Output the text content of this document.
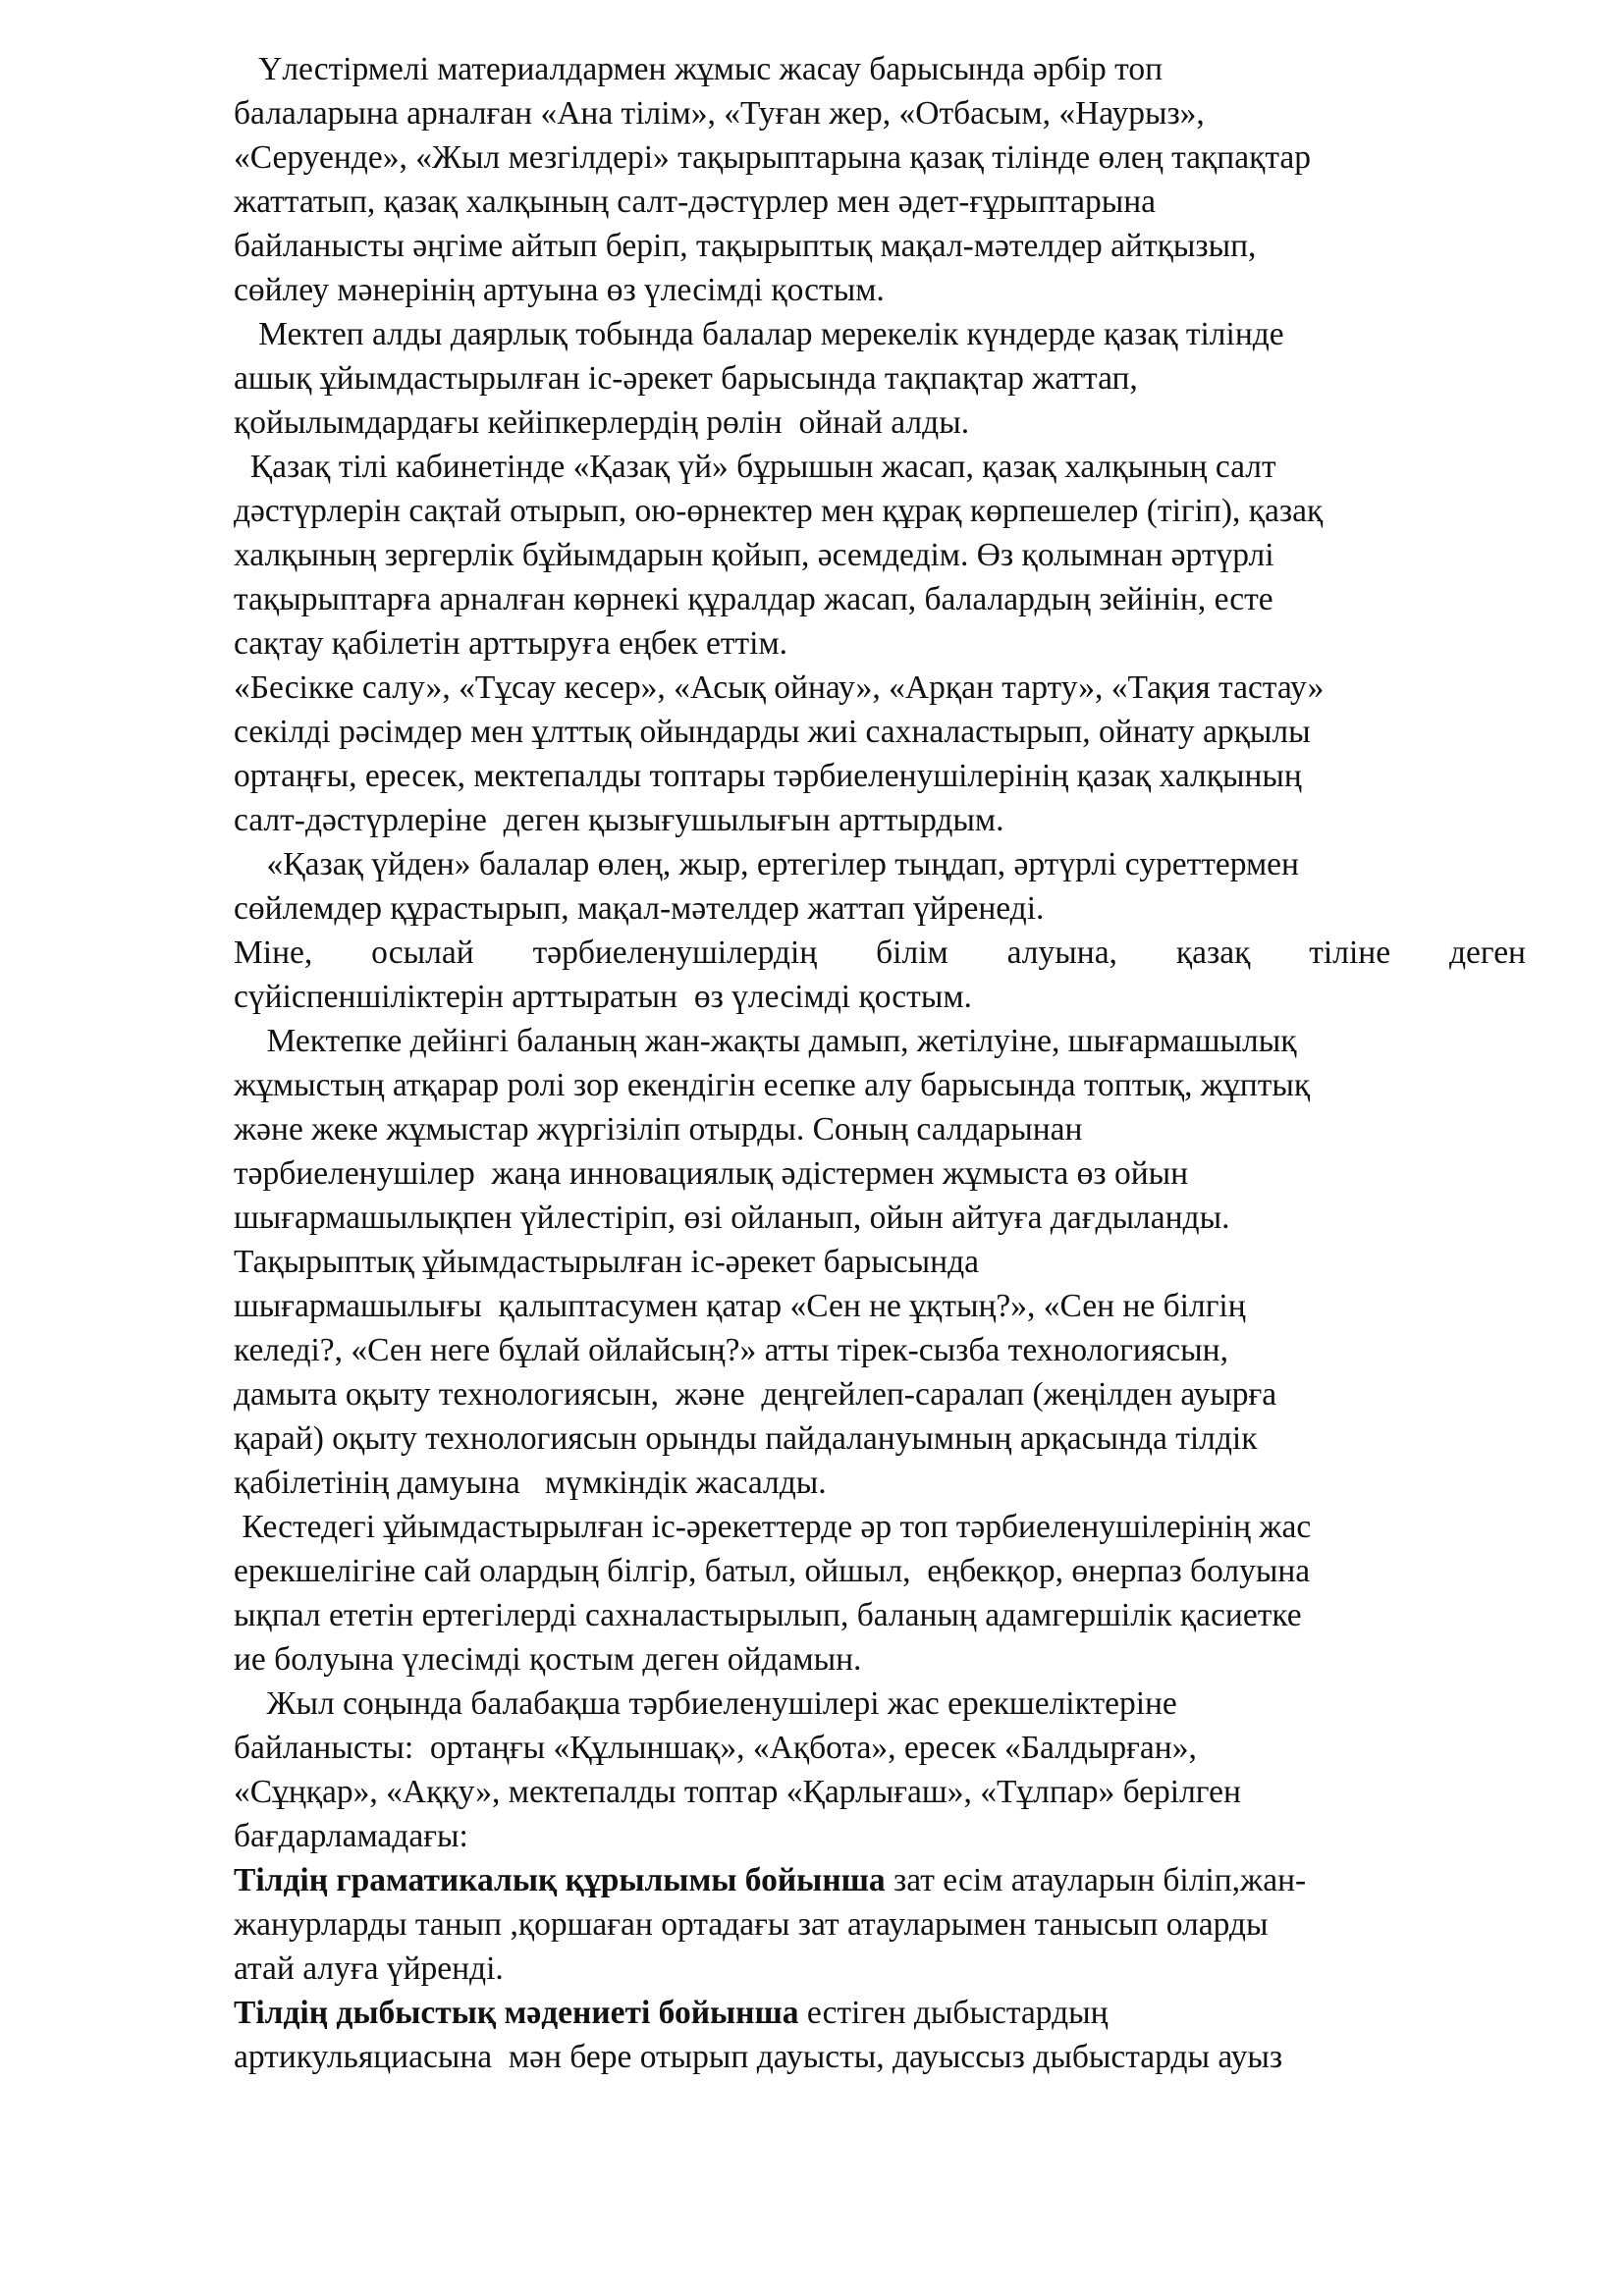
Үлестірмелі материалдармен жұмыс жасау барысында әрбір топ
балаларына арналған «Ана тілім», «Туған жер, «Отбасым, «Наурыз»,
«Серуенде», «Жыл мезгілдері» тақырыптарына қазақ тілінде өлең тақпақтар
жаттатып, қазақ халқының салт-дәстүрлер мен әдет-ғұрыптарына
байланысты әңгіме айтып беріп, тақырыптық мақал-мәтелдер айтқызып,
сөйлеу мәнерінің артуына өз үлесімді қостым.
Мектеп алды даярлық тобында балалар мерекелік күндерде қазақ тілінде
ашық ұйымдастырылған іс-әрекет барысында тақпақтар жаттап,
қойылымдардағы кейіпкерлердің рөлін  ойнай алды.
Қазақ тілі кабинетінде «Қазақ үй» бұрышын жасап, қазақ халқының салт
дәстүрлерін сақтай отырып, ою-өрнектер мен құрақ көрпешелер (тігіп), қазақ
халқының зергерлік бұйымдарын қойып, әсемдедім. Өз қолымнан әртүрлі
тақырыптарға арналған көрнекі құралдар жасап, балалардың зейінін, есте
сақтау қабілетін арттыруға еңбек еттім.
«Бесікке салу», «Тұсау кесер», «Асық ойнау», «Арқан тарту», «Тақия тастау»
секілді рәсімдер мен ұлттық ойындарды жиі сахналастырып, ойнату арқылы
ортаңғы, ересек, мектепалды топтары тәрбиеленушілерінің қазақ халқының
салт-дәстүрлеріне  деген қызығушылығын арттырдым.
«Қазақ үйден» балалар өлең, жыр, ертегілер тыңдап, әртүрлі суреттермен
сөйлемдер құрастырып, мақал-мәтелдер жаттап үйренеді.
Міне, осылай тәрбиеленушілердің білім алуына, қазақ тіліне деген
сүйіспеншіліктерін арттыратын  өз үлесімді қостым.
Мектепке дейінгі баланың жан-жақты дамып, жетілуіне, шығармашылық
жұмыстың атқарар ролі зор екендігін есепке алу барысында топтық, жұптық
және жеке жұмыстар жүргізіліп отырды. Соның салдарынан
тәрбиеленушілер  жаңа инновациялық әдістермен жұмыста өз ойын
шығармашылықпен үйлестіріп, өзі ойланып, ойын айтуға дағдыланды.
Тақырыптық ұйымдастырылған іс-әрекет барысында
шығармашылығы  қалыптасумен қатар «Сен не ұқтың?», «Сен не білгің
келеді?, «Сен неге бұлай ойлайсың?» атты тірек-сызба технологиясын,
дамыта оқыту технологиясын,  және  деңгейлеп-саралап (жеңілден ауырға
қарай) оқыту технологиясын орынды пайдалануымның арқасында тілдік
қабілетінің дамуына   мүмкіндік жасалды.
Кестедегі ұйымдастырылған іс-әрекеттерде әр топ тәрбиеленушілерінің жас
ерекшелігіне сай олардың білгір, батыл, ойшыл,  еңбекқор, өнерпаз болуына
ықпал ететін ертегілерді сахналастырылып, баланың адамгершілік қасиетке
ие болуына үлесімді қостым деген ойдамын.
Жыл соңында балабақша тәрбиеленушілері жас ерекшеліктеріне
байланысты:  ортаңғы «Құлыншақ», «Ақбота», ересек «Балдырған»,
«Сұңқар», «Аққу», мектепалды топтар «Қарлығаш», «Тұлпар» берілген
бағдарламадағы:
Тілдің граматикалық құрылымы бойынша зат есім атауларын біліп,жан-
жанурларды танып ,қоршаған ортадағы зат атауларымен танысып оларды
атай алуға үйренді.
Тілдің дыбыстық мәдениеті бойынша естіген дыбыстардың
артикульяциасына  мән бере отырып дауысты, дауыссыз дыбыстарды ауыз
